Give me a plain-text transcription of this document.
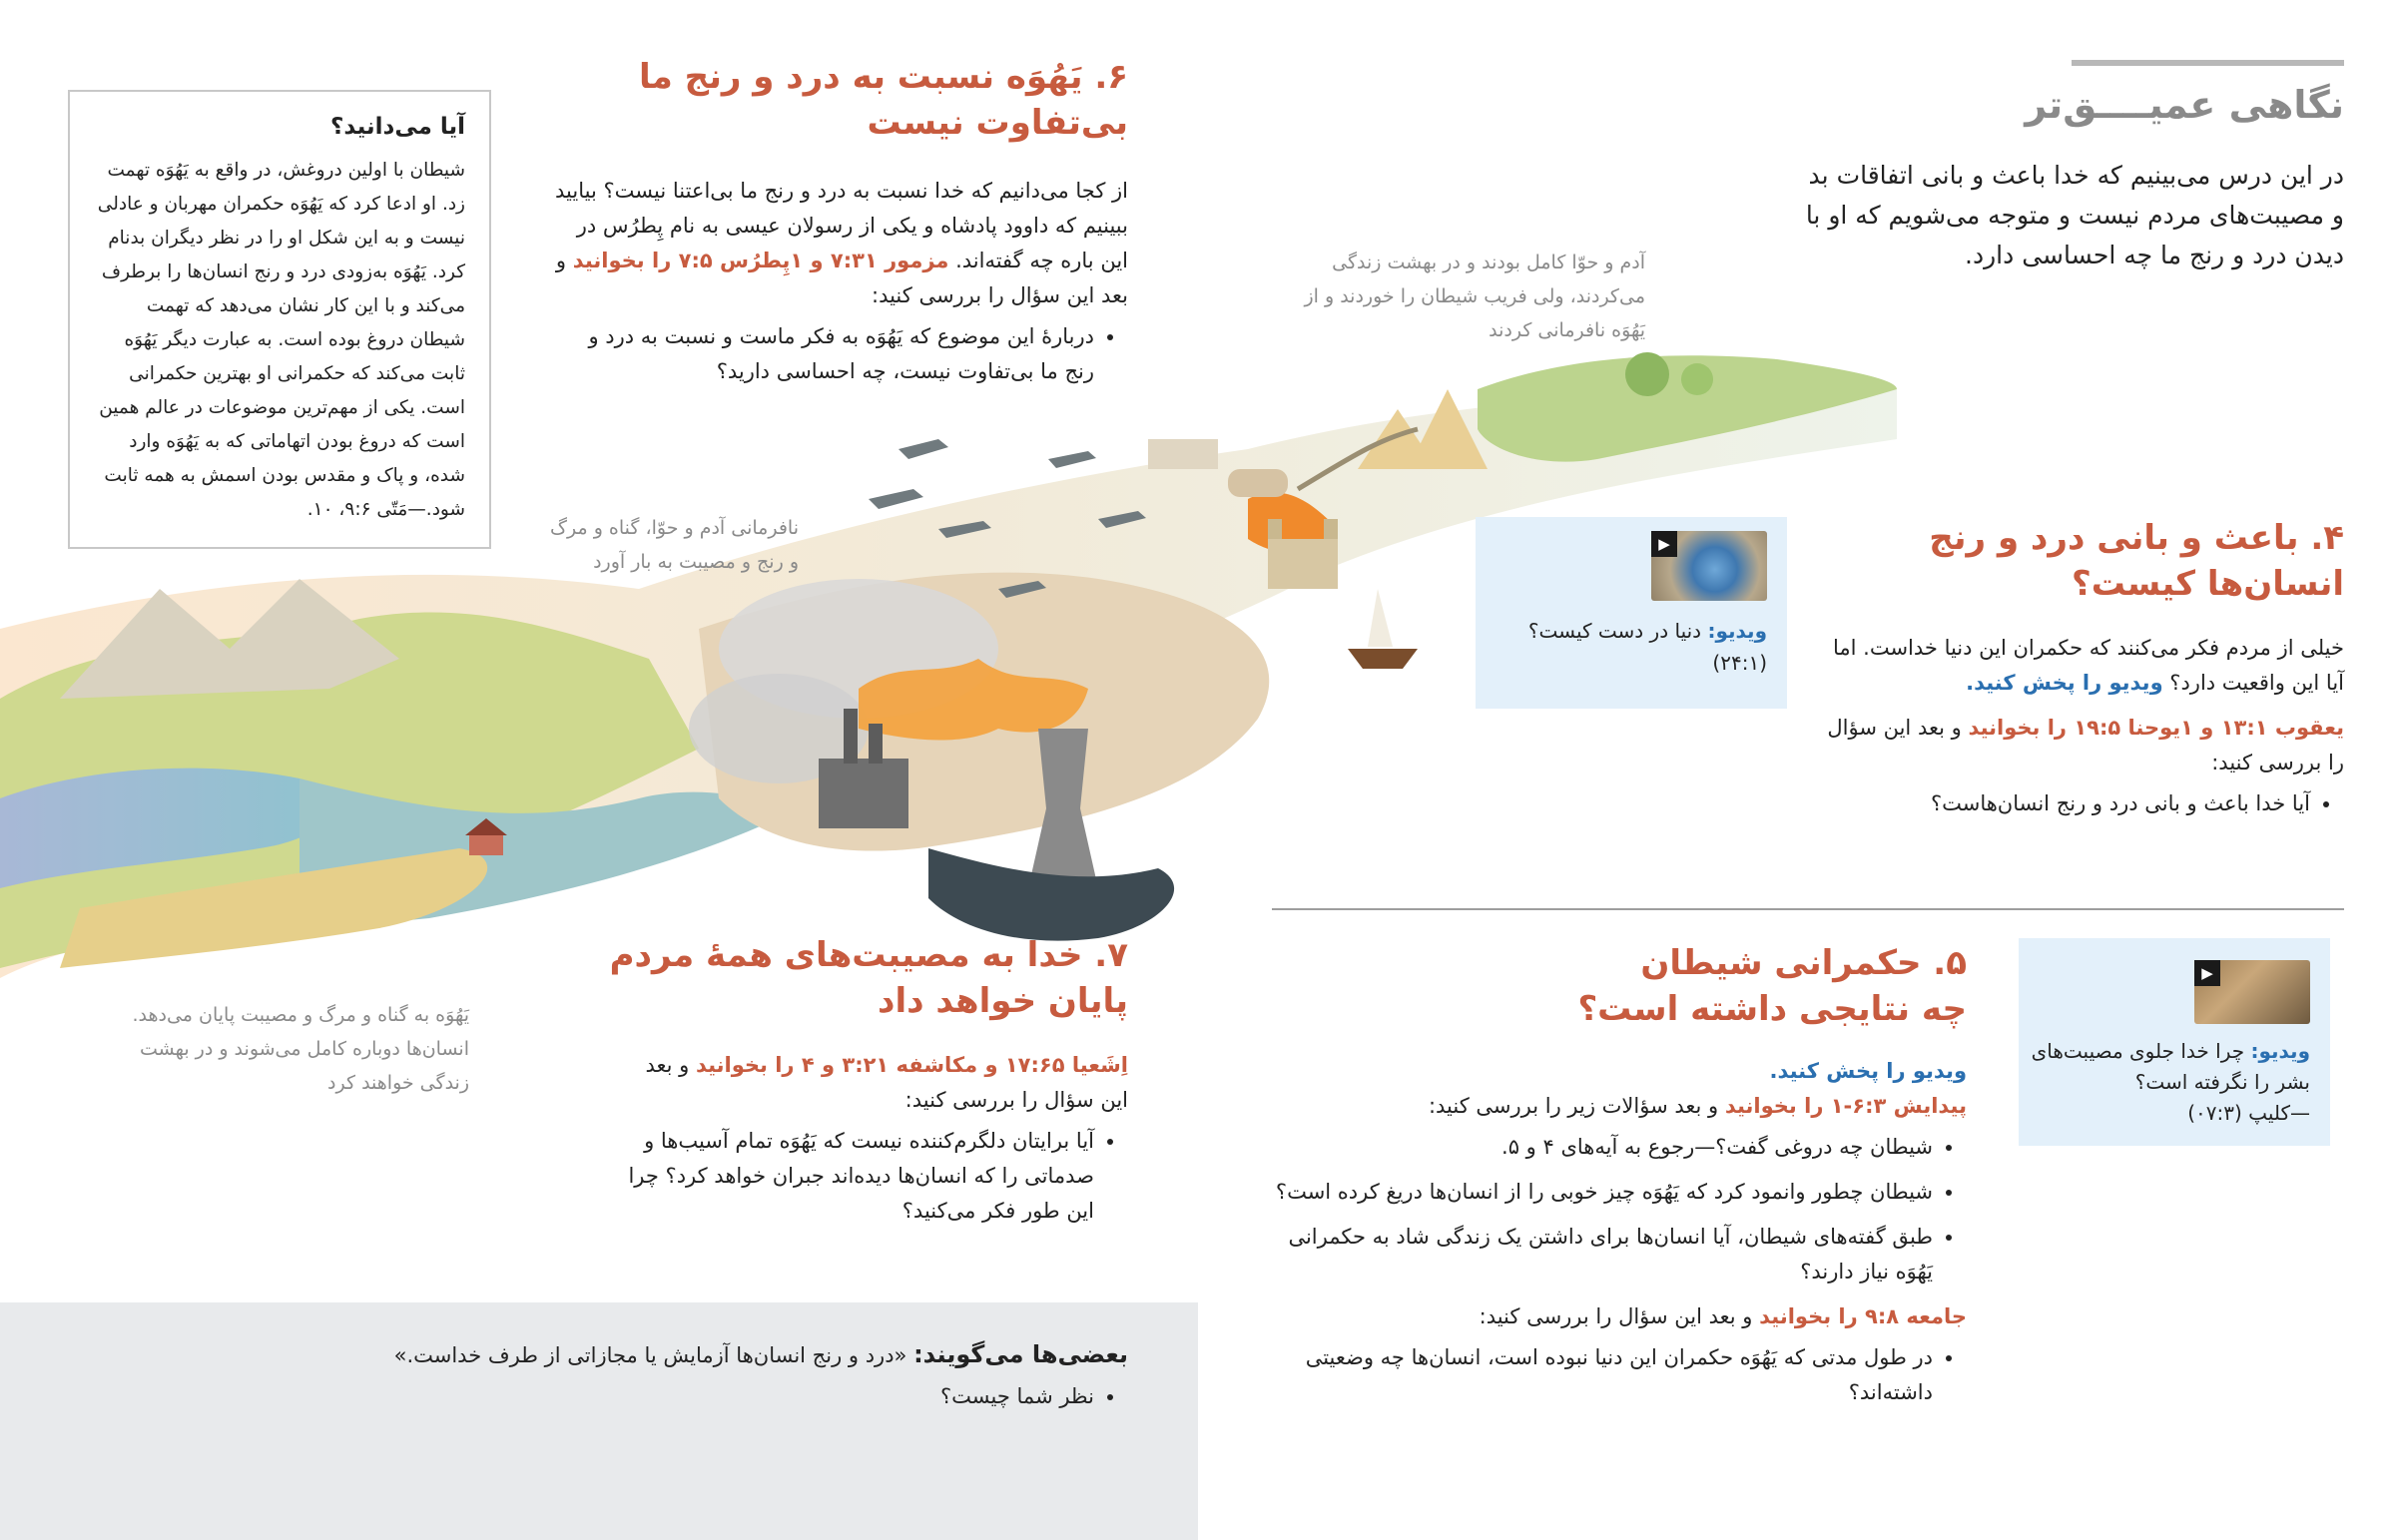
نگاهی عمیــــق‌تر
در این درس می‌بینیم که خدا باعث و بانی اتفاقات بد و مصیبت‌های مردم نیست و متوجه می‌شویم که او با دیدن درد و رنج ما چه احساسی دارد.
۴. باعث و بانی درد و رنج
انسان‌ها کیست؟
خیلی از مردم فکر می‌کنند که حکمران این دنیا خداست. اما آیا این واقعیت دارد؟ ویدیو را پخش کنید.
یعقوب ۱:‏۱۳ و ۱یوحنا ۵:‏۱۹ را بخوانید و بعد این سؤال را بررسی کنید:
• آیا خدا باعث و بانی درد و رنج انسان‌هاست؟
▶
ویدیو: دنیا در دست کیست؟
(۱:‏۲۴)
۵. حکمرانی شیطان
چه نتایجی داشته است؟
ویدیو را پخش کنید.
پیدایش ۳:‏۱-۶ را بخوانید و بعد سؤالات زیر را بررسی کنید:
• شیطان چه دروغی گفت؟—رجوع به آیه‌های ۴ و ۵.
• شیطان چطور وانمود کرد که یَهُوَه چیز خوبی را از انسان‌ها دریغ کرده است؟
• طبق گفته‌های شیطان، آیا انسان‌ها برای داشتن یک زندگی شاد به حکمرانی یَهُوَه نیاز دارند؟
جامعه ۸:‏۹ را بخوانید و بعد این سؤال را بررسی کنید:
• در طول مدتی که یَهُوَه حکمران این دنیا نبوده است، انسان‌ها چه وضعیتی داشته‌اند؟
▶
ویدیو: چرا خدا جلوی مصیبت‌های بشر را نگرفته است؟
—کلیپ (۳:‏۰۷)
۶. یَهُوَه نسبت به درد و رنج ما
بی‌تفاوت نیست
از کجا می‌دانیم که خدا نسبت به درد و رنج ما بی‌اعتنا نیست؟ بیایید ببینیم که داوود پادشاه و یکی از رسولان عیسی به نام پِطرُس در این باره چه گفته‌اند. مزمور ۳۱:‏۷ و ۱پِطرُس ۵:‏۷ را بخوانید و بعد این سؤال را بررسی کنید:
• دربارهٔ این موضوع که یَهُوَه به فکر ماست و نسبت به درد و رنج ما بی‌تفاوت نیست، چه احساسی دارید؟
آیا می‌دانید؟
شیطان با اولین دروغش، در واقع به یَهُوَه تهمت زد. او ادعا کرد که یَهُوَه حکمران مهربان و عادلی نیست و به این شکل او را در نظر دیگران بدنام کرد. یَهُوَه به‌زودی درد و رنج انسان‌ها را برطرف می‌کند و با این کار نشان می‌دهد که تهمت شیطان دروغ بوده است. به عبارت دیگر یَهُوَه ثابت می‌کند که حکمرانی او بهترین حکمرانی است. یکی از مهم‌ترین موضوعات در عالم همین است که دروغ بودن اتهاماتی که به یَهُوَه وارد شده، و پاک و مقدس بودن اسمش به همه ثابت شود.—مَتّی ۶:‏۹، ۱۰.
آدم و حوّا کامل بودند و در بهشت زندگی می‌کردند، ولی فریب شیطان را خوردند و از یَهُوَه نافرمانی کردند
نافرمانی آدم و حوّا، گناه و مرگ و رنج و مصیبت به بار آورد
یَهُوَه به گناه و مرگ و مصیبت پایان می‌دهد. انسان‌ها دوباره کامل می‌شوند و در بهشت زندگی خواهند کرد
۷. خدا به مصیبت‌های همهٔ مردم
پایان خواهد داد
اِشَعیا ۶۵:‏۱۷ و مکاشفه ۲۱:‏۳ و ۴ را بخوانید و بعد این سؤال را بررسی کنید:
• آیا برایتان دلگرم‌کننده نیست که یَهُوَه تمام آسیب‌ها و صدماتی را که انسان‌ها دیده‌اند جبران خواهد کرد؟ چرا این طور فکر می‌کنید؟
بعضی‌ها می‌گویند: «درد و رنج انسان‌ها آزمایش یا مجازاتی از طرف خداست.»
• نظر شما چیست؟
